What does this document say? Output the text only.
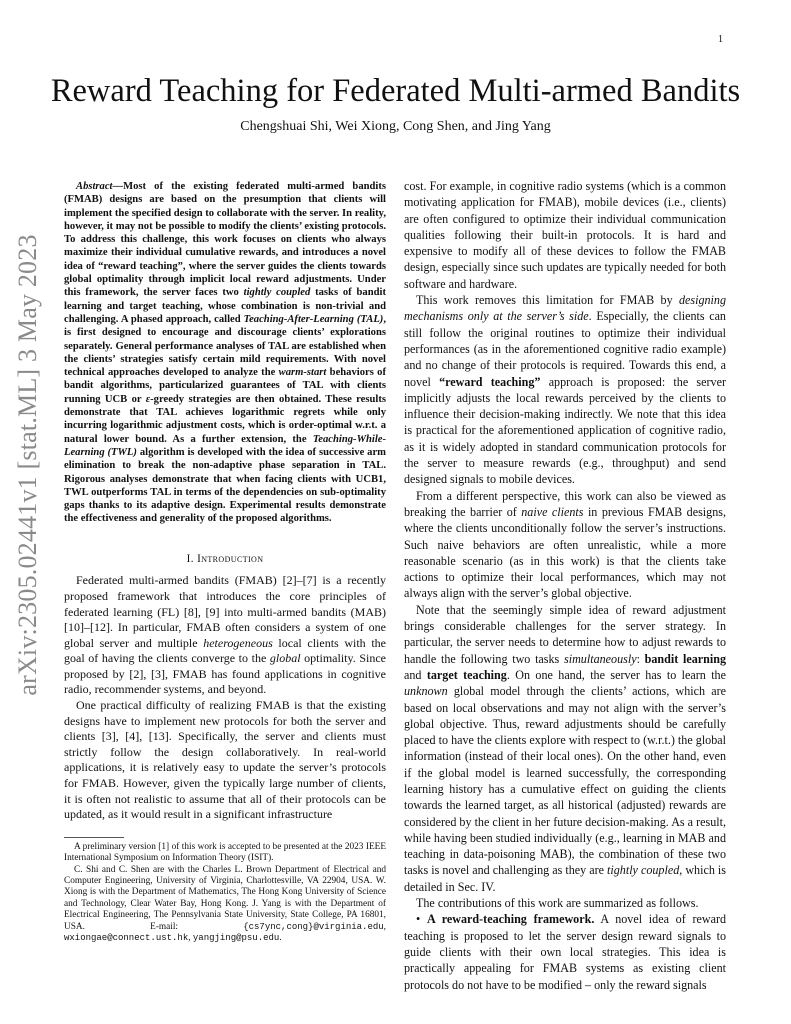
1
arXiv:2305.02441v1 [stat.ML] 3 May 2023
Reward Teaching for Federated Multi-armed Bandits
Chengshuai Shi, Wei Xiong, Cong Shen, and Jing Yang

Abstract—Most of the existing federated multi-armed bandits (FMAB) designs are based on the presumption that clients will implement the specified design to collaborate with the server. In reality, however, it may not be possible to modify the clients’ existing protocols. To address this challenge, this work focuses on clients who always maximize their individual cumulative rewards, and introduces a novel idea of “reward teaching”, where the server guides the clients towards global optimality through implicit local reward adjustments. Under this framework, the server faces two tightly coupled tasks of bandit learning and target teaching, whose combination is non-trivial and challenging. A phased approach, called Teaching-After-Learning (TAL), is first designed to encourage and discourage clients’ explorations separately. General performance analyses of TAL are established when the clients’ strategies satisfy certain mild requirements. With novel technical approaches developed to analyze the warm-start behaviors of bandit algorithms, particularized guarantees of TAL with clients running UCB or ε-greedy strategies are then obtained. These results demonstrate that TAL achieves logarithmic regrets while only incurring logarithmic adjustment costs, which is order-optimal w.r.t. a natural lower bound. As a further extension, the Teaching-While-Learning (TWL) algorithm is developed with the idea of successive arm elimination to break the non-adaptive phase separation in TAL. Rigorous analyses demonstrate that when facing clients with UCB1, TWL outperforms TAL in terms of the dependencies on sub-optimality gaps thanks to its adaptive design. Experimental results demonstrate the effectiveness and generality of the proposed algorithms.

I. Introduction

Federated multi-armed bandits (FMAB) [2]–[7] is a recently proposed framework that introduces the core principles of federated learning (FL) [8], [9] into multi-armed bandits (MAB) [10]–[12]. In particular, FMAB often considers a system of one global server and multiple heterogeneous local clients with the goal of having the clients converge to the global optimality. Since proposed by [2], [3], FMAB has found applications in cognitive radio, recommender systems, and beyond.

One practical difficulty of realizing FMAB is that the existing designs have to implement new protocols for both the server and clients [3], [4], [13]. Specifically, the server and clients must strictly follow the design collaboratively. In real-world applications, it is relatively easy to update the server’s protocols for FMAB. However, given the typically large number of clients, it is often not realistic to assume that all of their protocols can be updated, as it would result in a significant infrastructure

A preliminary version [1] of this work is accepted to be presented at the 2023 IEEE International Symposium on Information Theory (ISIT).

C. Shi and C. Shen are with the Charles L. Brown Department of Electrical and Computer Engineering, University of Virginia, Charlottesville, VA 22904, USA. W. Xiong is with the Department of Mathematics, The Hong Kong University of Science and Technology, Clear Water Bay, Hong Kong. J. Yang is with the Department of Electrical Engineering, The Pennsylvania State University, State College, PA 16801, USA. E-mail: {cs7ync,cong}@virginia.edu, wxiongae@connect.ust.hk, yangjing@psu.edu.

cost. For example, in cognitive radio systems (which is a common motivating application for FMAB), mobile devices (i.e., clients) are often configured to optimize their individual communication qualities following their built-in protocols. It is hard and expensive to modify all of these devices to follow the FMAB design, especially since such updates are typically needed for both software and hardware.

This work removes this limitation for FMAB by designing mechanisms only at the server’s side. Especially, the clients can still follow the original routines to optimize their individual performances (as in the aforementioned cognitive radio example) and no change of their protocols is required. Towards this end, a novel “reward teaching” approach is proposed: the server implicitly adjusts the local rewards perceived by the clients to influence their decision-making indirectly. We note that this idea is practical for the aforementioned application of cognitive radio, as it is widely adopted in standard communication protocols for the server to measure rewards (e.g., throughput) and send designed signals to mobile devices.

From a different perspective, this work can also be viewed as breaking the barrier of naive clients in previous FMAB designs, where the clients unconditionally follow the server’s instructions. Such naive behaviors are often unrealistic, while a more reasonable scenario (as in this work) is that the clients take actions to optimize their local performances, which may not always align with the server’s global objective.

Note that the seemingly simple idea of reward adjustment brings considerable challenges for the server strategy. In particular, the server needs to determine how to adjust rewards to handle the following two tasks simultaneously: bandit learning and target teaching. On one hand, the server has to learn the unknown global model through the clients’ actions, which are based on local observations and may not align with the server’s global objective. Thus, reward adjustments should be carefully placed to have the clients explore with respect to (w.r.t.) the global information (instead of their local ones). On the other hand, even if the global model is learned successfully, the corresponding learning history has a cumulative effect on guiding the clients towards the learned target, as all historical (adjusted) rewards are considered by the client in her future decision-making. As a result, while having been studied individually (e.g., learning in MAB and teaching in data-poisoning MAB), the combination of these two tasks is novel and challenging as they are tightly coupled, which is detailed in Sec. IV.

The contributions of this work are summarized as follows.

• A reward-teaching framework. A novel idea of reward teaching is proposed to let the server design reward signals to guide clients with their own local strategies. This idea is practically appealing for FMAB systems as existing client protocols do not have to be modified – only the reward signals
